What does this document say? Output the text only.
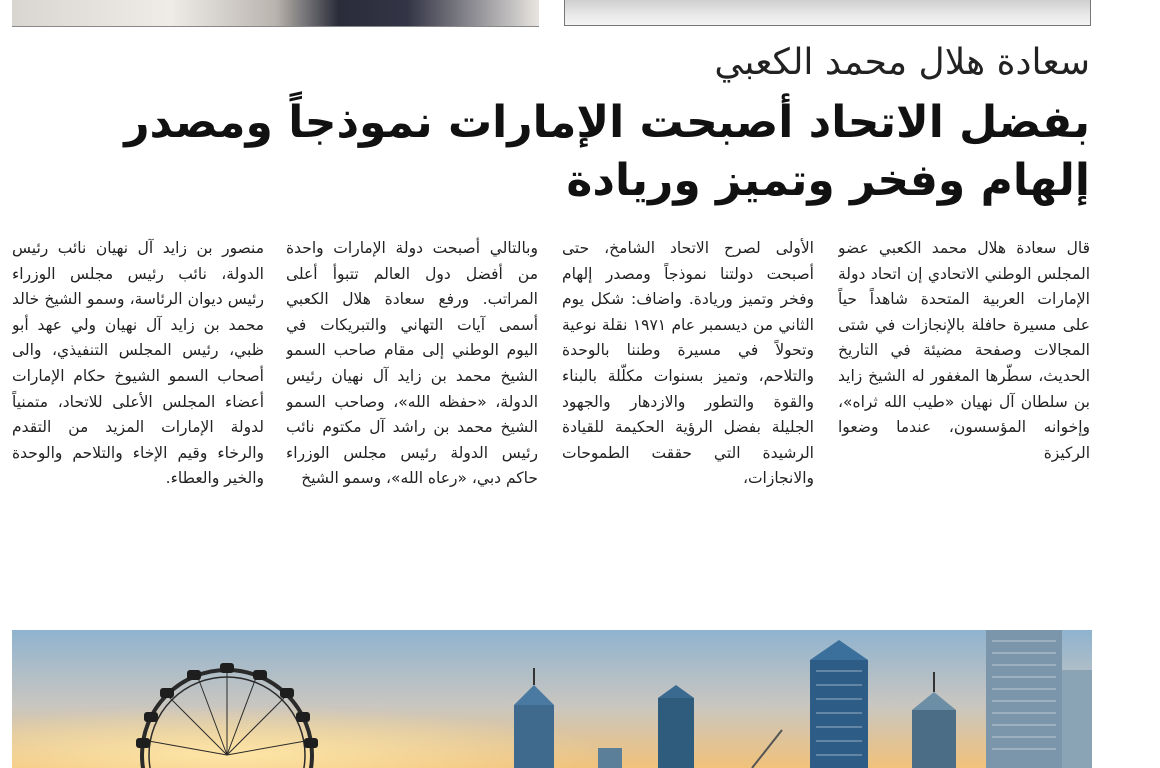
سعادة هلال محمد الكعبي
بفضل الاتحاد أصبحت الإمارات نموذجاً ومصدر
إلهام وفخر وتميز وريادة
قال سعادة هلال محمد الكعبي عضو المجلس الوطني الاتحادي إن اتحاد دولة الإمارات العربية المتحدة شاهداً حياً على مسيرة حافلة بالإنجازات في شتى المجالات وصفحة مضيئة في التاريخ الحديث، سطّرها المغفور له الشيخ زايد بن سلطان آل نهيان «طيب الله ثراه»، وإخوانه المؤسسون، عندما وضعوا الركيزة
الأولى لصرح الاتحاد الشامخ، حتى أصبحت دولتنا نموذجاً ومصدر إلهام وفخر وتميز وريادة. واضاف: شكل يوم الثاني من ديسمبر عام ١٩٧١ نقلة نوعية وتحولاً في مسيرة وطننا بالوحدة والتلاحم، وتميز بسنوات مكلّلة بالبناء والقوة والتطور والازدهار والجهود الجليلة بفضل الرؤية الحكيمة للقيادة الرشيدة التي حققت الطموحات والانجازات،
وبالتالي أصبحت دولة الإمارات واحدة من أفضل دول العالم تتبوأ أعلى المراتب. ورفع سعادة هلال الكعبي أسمى آيات التهاني والتبريكات في اليوم الوطني إلى مقام صاحب السمو الشيخ محمد بن زايد آل نهيان رئيس الدولة، «حفظه الله»، وصاحب السمو الشيخ محمد بن راشد آل مكتوم نائب رئيس الدولة رئيس مجلس الوزراء حاكم دبي، «رعاه الله»، وسمو الشيخ
منصور بن زايد آل نهيان نائب رئيس الدولة، نائب رئيس مجلس الوزراء رئيس ديوان الرئاسة، وسمو الشيخ خالد محمد بن زايد آل نهيان ولي عهد أبو ظبي، رئيس المجلس التنفيذي، والى أصحاب السمو الشيوخ حكام الإمارات أعضاء المجلس الأعلى للاتحاد، متمنياً لدولة الإمارات المزيد من التقدم والرخاء وقيم الإخاء والتلاحم والوحدة والخير والعطاء.
